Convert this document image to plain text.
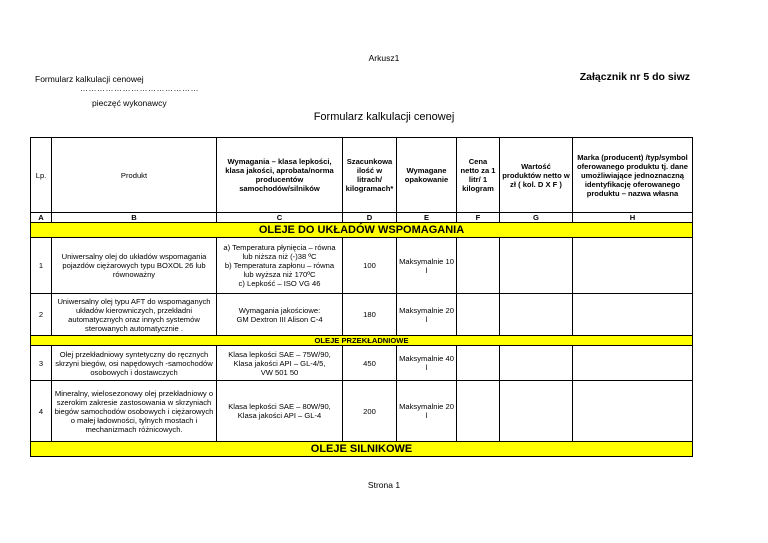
Arkusz1
Formularz kalkulacji cenowej	Załącznik nr 5 do siwz
……………………………………
pieczęć wykonawcy
Formularz kalkulacji cenowej
Lp.	Produkt	Wymagania – klasa lepkości, klasa jakości, aprobata/norma producentów samochodów/silników	Szacunkowa ilość w litrach/ kilogramach*	Wymagane opakowanie	Cena netto za 1 litr/ 1 kilogram	Wartość produktów netto w zł ( kol. D X F )	Marka (producent) /typ/symbol oferowanego produktu tj. dane umożliwiające jednoznaczną identyfikację oferowanego produktu – nazwa własna
A	B	C	D	E	F	G	H
OLEJE DO UKŁADÓW WSPOMAGANIA							
1	Uniwersalny olej do układów wspomagania pojazdów ciężarowych typu BOXOL 26 lub równoważny	a) Temperatura płynięcia – równa
lub niższa niż (-)38 ºC
b) Temperatura zapłonu – równa
lub wyższa niż 170ºC
c) Lepkość – ISO VG 46	100	Maksymalnie 10 l			
2	Uniwersalny olej typu AFT do wspomaganych układów kierowniczych, przekładni automatycznych oraz innych systemów sterowanych automatycznie .	Wymagania jakościowe:
GM Dextron III Alison C-4	180	Maksymalnie 20 l			
OLEJE PRZEKŁADNIOWE							
3	Olej przekładniowy syntetyczny do ręcznych skrzyni biegów, osi napędowych -samochodów osobowych i dostawczych	Klasa lepkości SAE – 75W/90,
Klasa jakości API – GL-4/5,
VW 501 50	450	Maksymalnie 40 l			
4	Mineralny, wielosezonowy olej przekładniowy o szerokim zakresie zastosowania w skrzyniach biegów samochodów osobowych i ciężarowych o małej ładowności, tylnych mostach i mechanizmach różnicowych.	Klasa lepkości SAE – 80W/90,
Klasa jakości API – GL-4	200	Maksymalnie 20 l			
OLEJE SILNIKOWE							
Strona 1
